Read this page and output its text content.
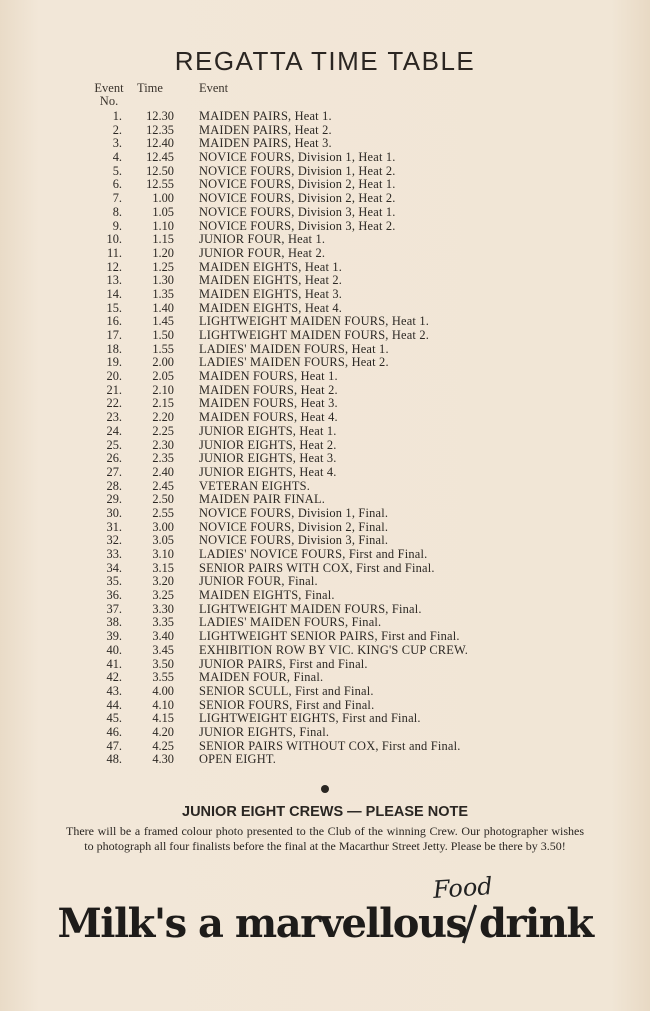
REGATTA TIME TABLE
Event No.
Time	Event
1.	12.30 MAIDEN PAIRS, Heat 1.
2.	12.35 MAIDEN PAIRS, Heat 2.
3.	12.40 MAIDEN PAIRS, Heat 3.
4.	12.45 NOVICE FOURS, Division 1, Heat 1.
5.	12.50 NOVICE FOURS, Division 1, Heat 2.
6.	12.55 NOVICE FOURS, Division 2, Heat 1.
7.	1.00 NOVICE FOURS, Division 2, Heat 2.
8.	1.05 NOVICE FOURS, Division 3, Heat 1.
9.	1.10 NOVICE FOURS, Division 3, Heat 2.
10.	1.15 JUNIOR FOUR, Heat 1.
11.	1.20 JUNIOR FOUR, Heat 2.
12.	1.25 MAIDEN EIGHTS, Heat 1.
13.	1.30 MAIDEN EIGHTS, Heat 2.
14.	1.35 MAIDEN EIGHTS, Heat 3.
15.	1.40 MAIDEN EIGHTS, Heat 4.
16.	1.45 LIGHTWEIGHT MAIDEN FOURS, Heat 1.
17.	1.50 LIGHTWEIGHT MAIDEN FOURS, Heat 2.
18.	1.55 LADIES' MAIDEN FOURS, Heat 1.
19.	2.00 LADIES' MAIDEN FOURS, Heat 2.
20.	2.05 MAIDEN FOURS, Heat 1.
21.	2.10 MAIDEN FOURS, Heat 2.
22.	2.15 MAIDEN FOURS, Heat 3.
23.	2.20 MAIDEN FOURS, Heat 4.
24.	2.25 JUNIOR EIGHTS, Heat 1.
25.	2.30 JUNIOR EIGHTS, Heat 2.
26.	2.35 JUNIOR EIGHTS, Heat 3.
27.	2.40 JUNIOR EIGHTS, Heat 4.
28.	2.45 VETERAN EIGHTS.
29.	2.50 MAIDEN PAIR FINAL.
30.	2.55 NOVICE FOURS, Division 1, Final.
31.	3.00 NOVICE FOURS, Division 2, Final.
32.	3.05 NOVICE FOURS, Division 3, Final.
33.	3.10 LADIES' NOVICE FOURS, First and Final.
34.	3.15 SENIOR PAIRS WITH COX, First and Final.
35.	3.20 JUNIOR FOUR, Final.
36.	3.25 MAIDEN EIGHTS, Final.
37.	3.30 LIGHTWEIGHT MAIDEN FOURS, Final.
38.	3.35 LADIES' MAIDEN FOURS, Final.
39.	3.40 LIGHTWEIGHT SENIOR PAIRS, First and Final.
40.	3.45 EXHIBITION ROW BY VIC. KING'S CUP CREW.
41.	3.50 JUNIOR PAIRS, First and Final.
42.	3.55 MAIDEN FOUR, Final.
43.	4.00 SENIOR SCULL, First and Final.
44.	4.10 SENIOR FOURS, First and Final.
45.	4.15 LIGHTWEIGHT EIGHTS, First and Final.
46.	4.20 JUNIOR EIGHTS, Final.
47.	4.25 SENIOR PAIRS WITHOUT COX, First and Final.
48.	4.30 OPEN EIGHT.
JUNIOR EIGHT CREWS — PLEASE NOTE
There will be a framed colour photo presented to the Club of the winning Crew. Our photographer wishes to photograph all four finalists before the final at the Macarthur Street Jetty. Please be there by 3.50!
Food
Milk's a marvellous drink
